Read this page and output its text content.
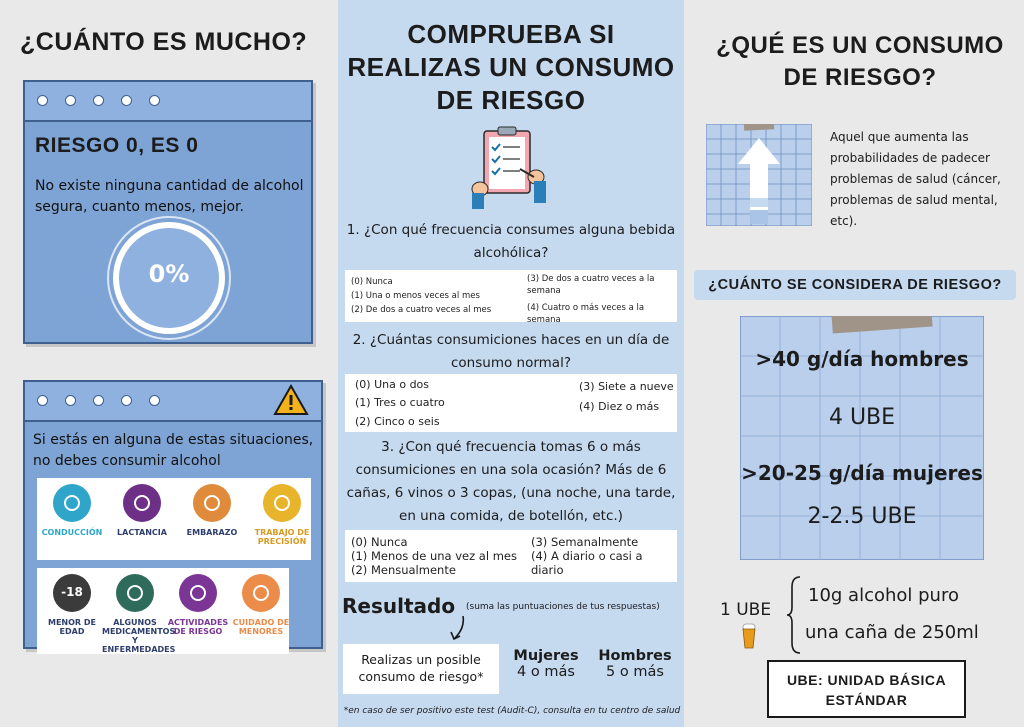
¿CUÁNTO ES MUCHO?
RIESGO 0, ES 0
No existe ninguna cantidad de alcohol segura, cuanto menos, mejor.
0%
Si estás en alguna de estas situaciones, no debes consumir alcohol
CONDUCCIÓN	LACTANCIA	EMBARAZO	TRABAJO DE PRECISIÓN
-18
MENOR DE EDAD
ALGUNOS MEDICAMENTOS Y ENFERMEDADES
ACTIVIDADES DE RIESGO
CUIDADO DE MENORES
COMPRUEBA SI REALIZAS UN CONSUMO DE RIESGO
1. ¿Con qué frecuencia consumes alguna bebida alcohólica?
(0) Nunca
(1) Una o menos veces al mes
(2) De dos a cuatro veces al mes
(3) De dos a cuatro veces a la semana
(4) Cuatro o más veces a la semana
2. ¿Cuántas consumiciones haces en un día de consumo normal?
(0) Una o dos
(1) Tres o cuatro
(2) Cinco o seis
(3) Siete a nueve
(4) Diez o más
3. ¿Con qué frecuencia tomas 6 o más consumiciones en una sola ocasión? Más de 6 cañas, 6 vinos o 3 copas, (una noche, una tarde, en una comida, de botellón, etc.)
(0) Nunca
(1) Menos de una vez al mes
(2) Mensualmente
(3) Semanalmente
(4) A diario o casi a diario
Resultado (suma las puntuaciones de tus respuestas)
Realizas un posible consumo de riesgo*
Mujeres
4 o más
Hombres
5 o más
*en caso de ser positivo este test (Audit-C), consulta en tu centro de salud
¿QUÉ ES UN CONSUMO DE RIESGO?
Aquel que aumenta las probabilidades de padecer problemas de salud (cáncer, problemas de salud mental, etc).
¿CUÁNTO SE CONSIDERA DE RIESGO?
>40 g/día hombres
4 UBE
>20-25 g/día mujeres
2-2.5 UBE
1 UBE
10g alcohol puro
una caña de 250ml
UBE: UNIDAD BÁSICA ESTÁNDAR
